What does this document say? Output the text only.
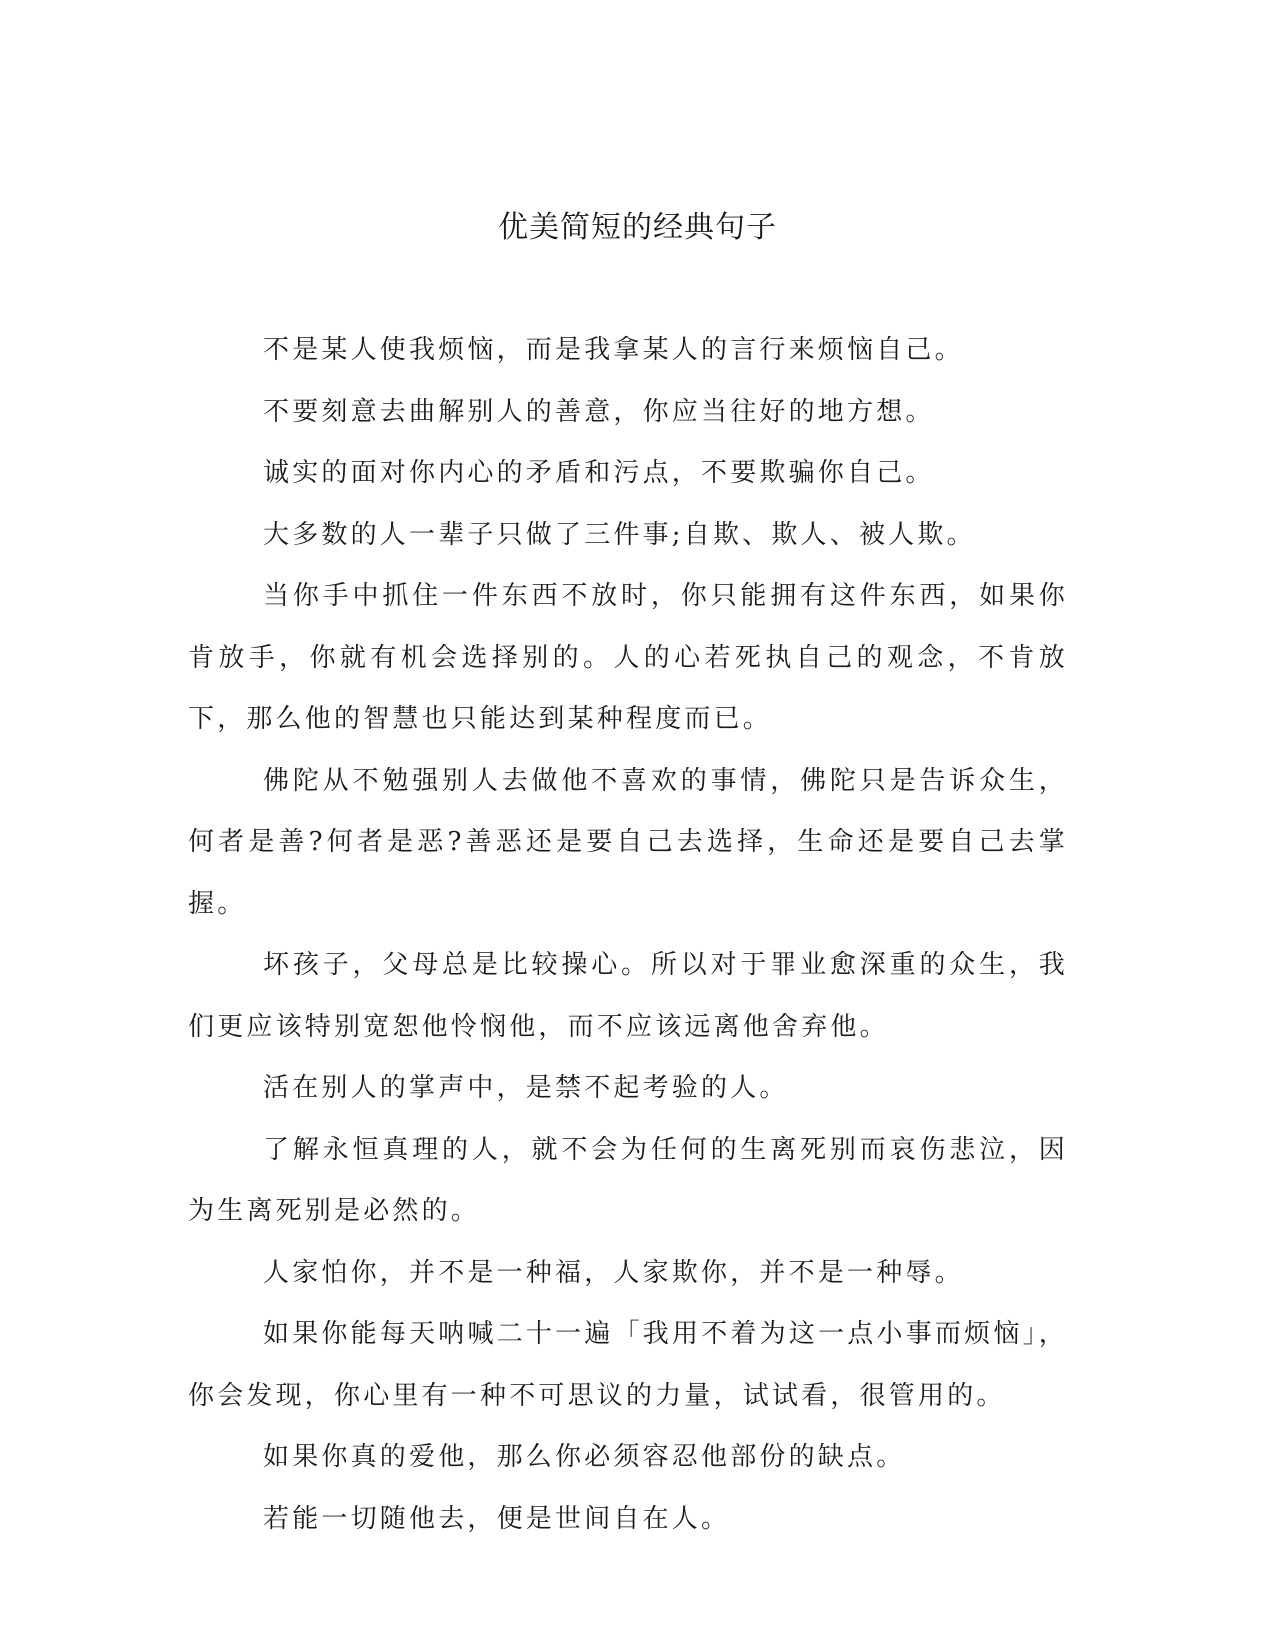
优美简短的经典句子

不是某人使我烦恼，而是我拿某人的言行来烦恼自己。

不要刻意去曲解别人的善意，你应当往好的地方想。

诚实的面对你内心的矛盾和污点，不要欺骗你自己。

大多数的人一辈子只做了三件事;自欺、欺人、被人欺。

当你手中抓住一件东西不放时，你只能拥有这件东西，如果你肯放手，你就有机会选择别的。人的心若死执自己的观念，不肯放下，那么他的智慧也只能达到某种程度而已。

佛陀从不勉强别人去做他不喜欢的事情，佛陀只是告诉众生，何者是善?何者是恶?善恶还是要自己去选择，生命还是要自己去掌握。

坏孩子，父母总是比较操心。所以对于罪业愈深重的众生，我们更应该特别宽恕他怜悯他，而不应该远离他舍弃他。

活在别人的掌声中，是禁不起考验的人。

了解永恒真理的人，就不会为任何的生离死别而哀伤悲泣，因为生离死别是必然的。

人家怕你，并不是一种福，人家欺你，并不是一种辱。

如果你能每天呐喊二十一遍「我用不着为这一点小事而烦恼」，你会发现，你心里有一种不可思议的力量，试试看，很管用的。

如果你真的爱他，那么你必须容忍他部份的缺点。

若能一切随他去，便是世间自在人。
